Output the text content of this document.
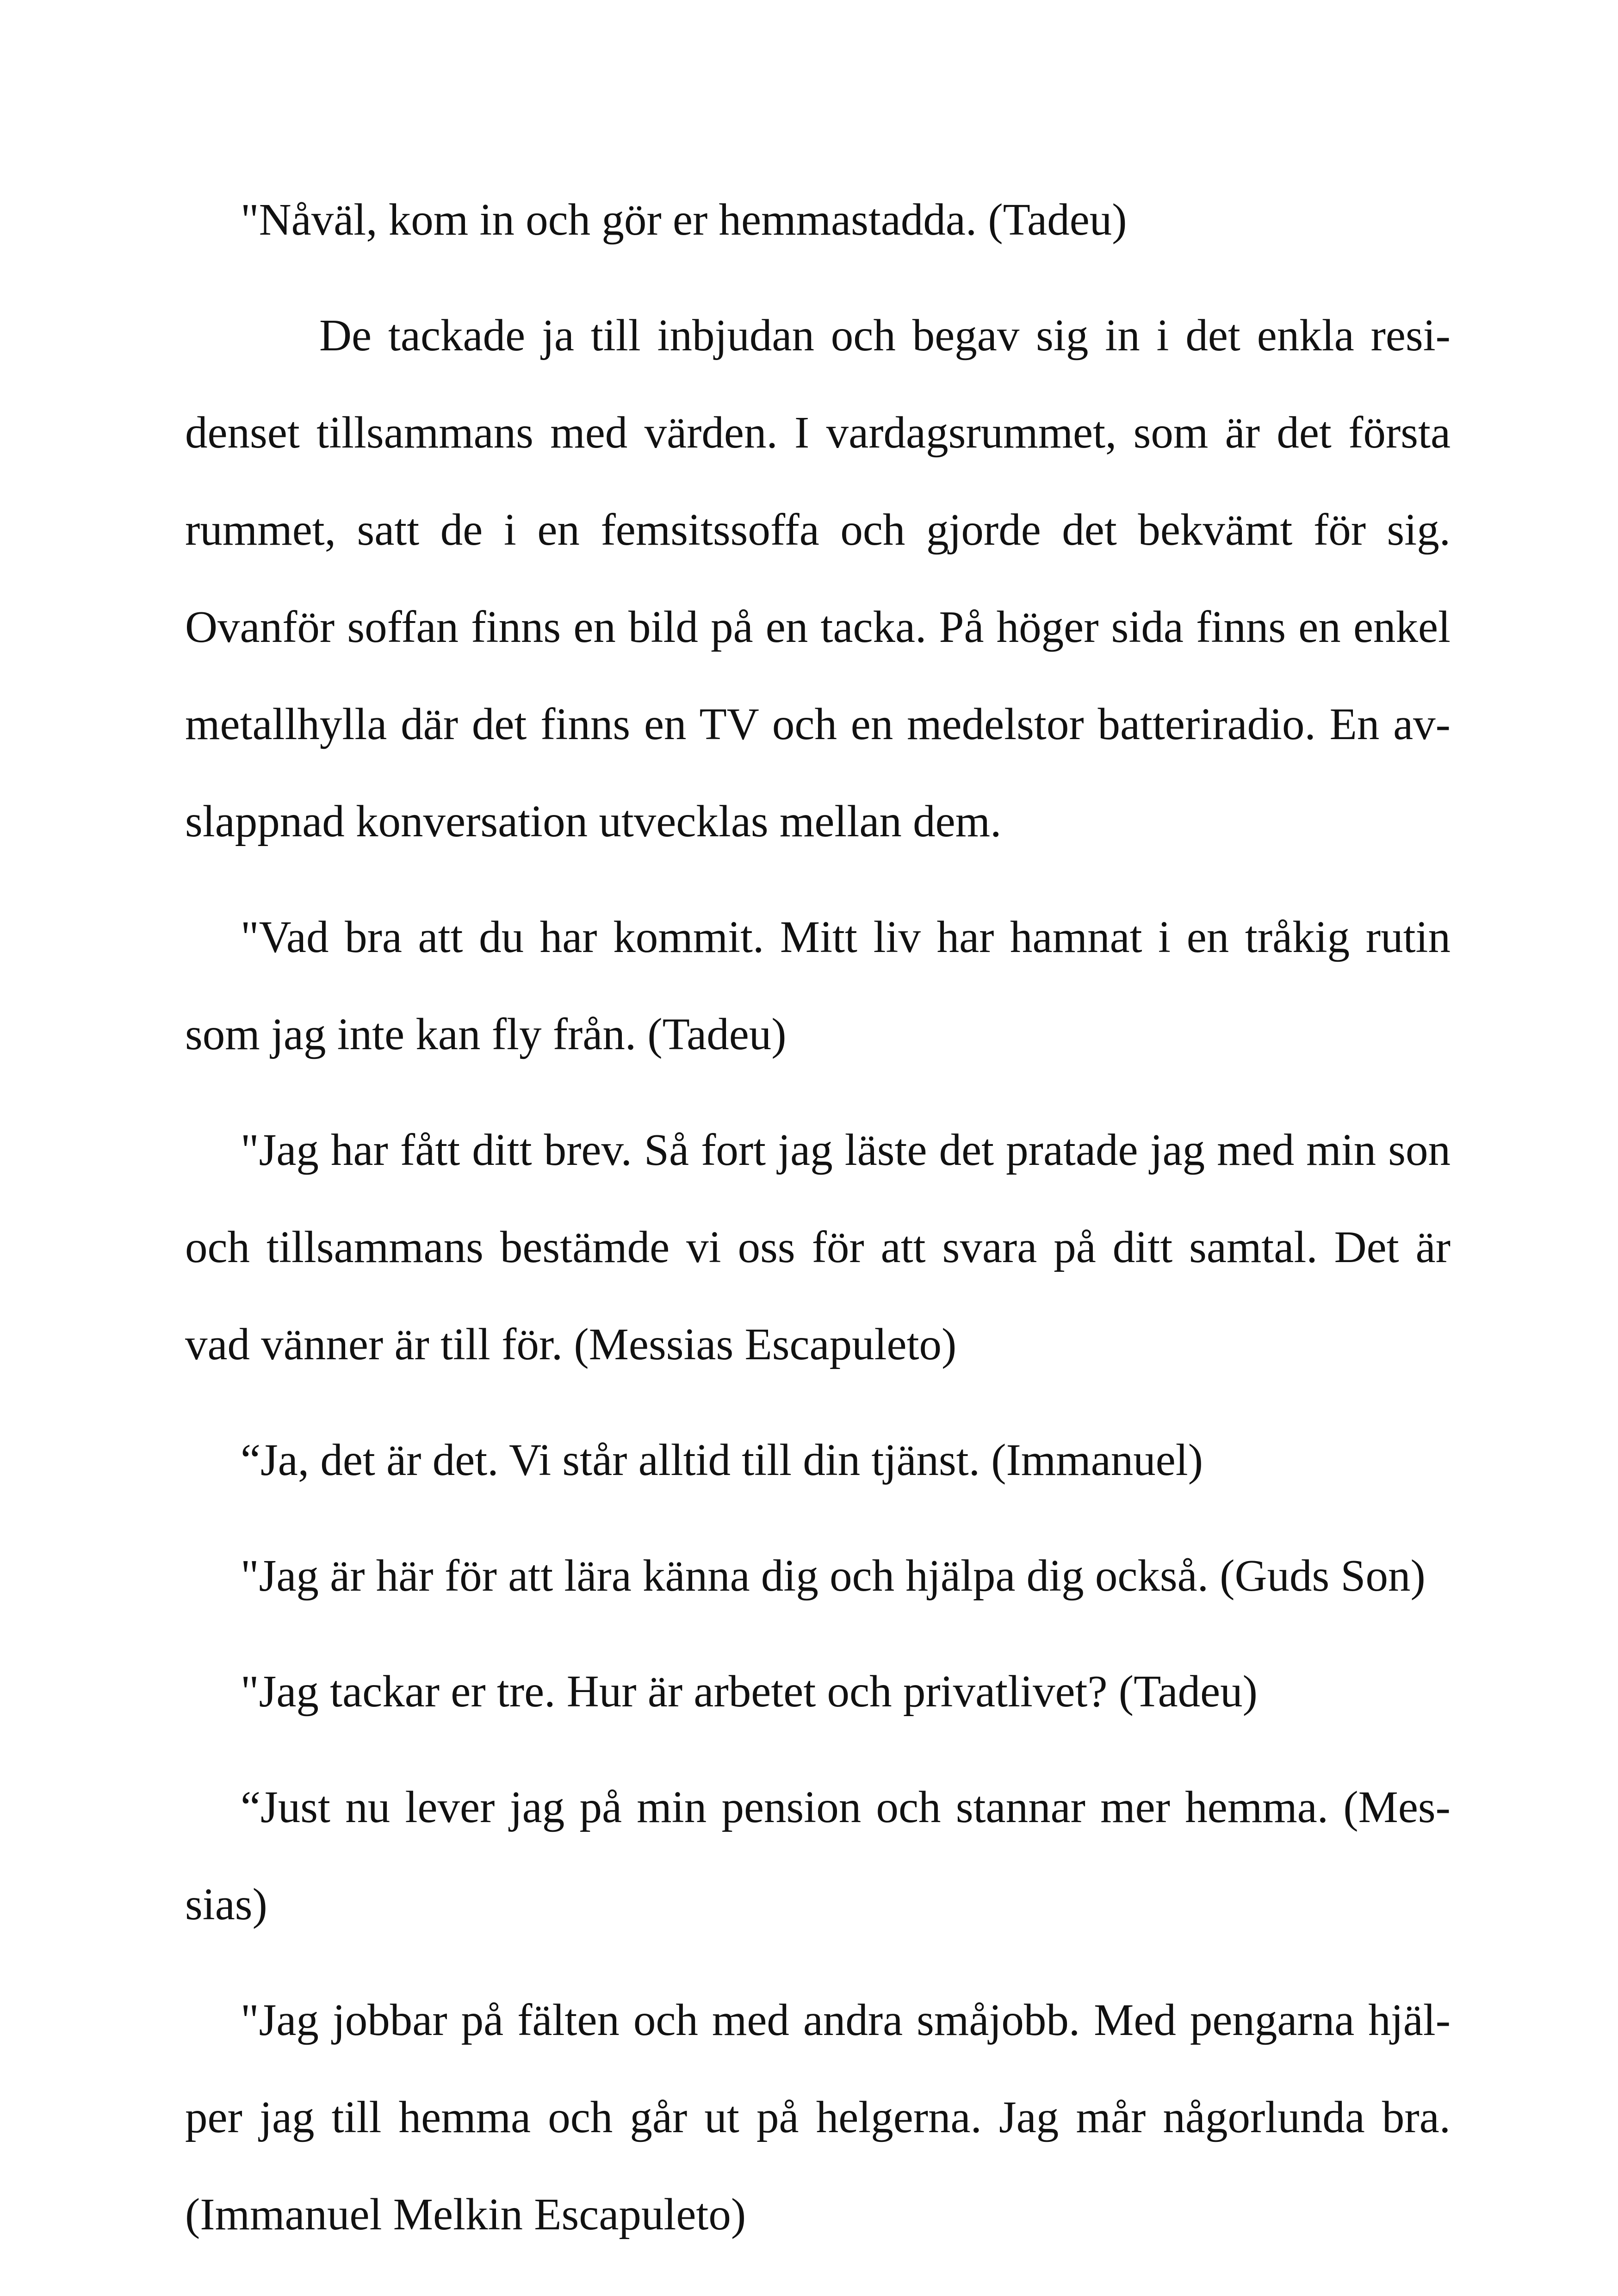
"Nåväl, kom in och gör er hemmastadda. (Tadeu)

De tackade ja till inbjudan och begav sig in i det enkla resi-
denset tillsammans med värden. I vardagsrummet, som är det första
rummet, satt de i en femsitssoffa och gjorde det bekvämt för sig.
Ovanför soffan finns en bild på en tacka. På höger sida finns en enkel
metallhylla där det finns en TV och en medelstor batteriradio. En av-
slappnad konversation utvecklas mellan dem.

"Vad bra att du har kommit. Mitt liv har hamnat i en tråkig rutin
som jag inte kan fly från. (Tadeu)

"Jag har fått ditt brev. Så fort jag läste det pratade jag med min son
och tillsammans bestämde vi oss för att svara på ditt samtal. Det är
vad vänner är till för. (Messias Escapuleto)

“Ja, det är det. Vi står alltid till din tjänst. (Immanuel)

"Jag är här för att lära känna dig och hjälpa dig också. (Guds Son)

"Jag tackar er tre. Hur är arbetet och privatlivet? (Tadeu)

“Just nu lever jag på min pension och stannar mer hemma. (Mes-
sias)

"Jag jobbar på fälten och med andra småjobb. Med pengarna hjäl-
per jag till hemma och går ut på helgerna. Jag mår någorlunda bra.
(Immanuel Melkin Escapuleto)
